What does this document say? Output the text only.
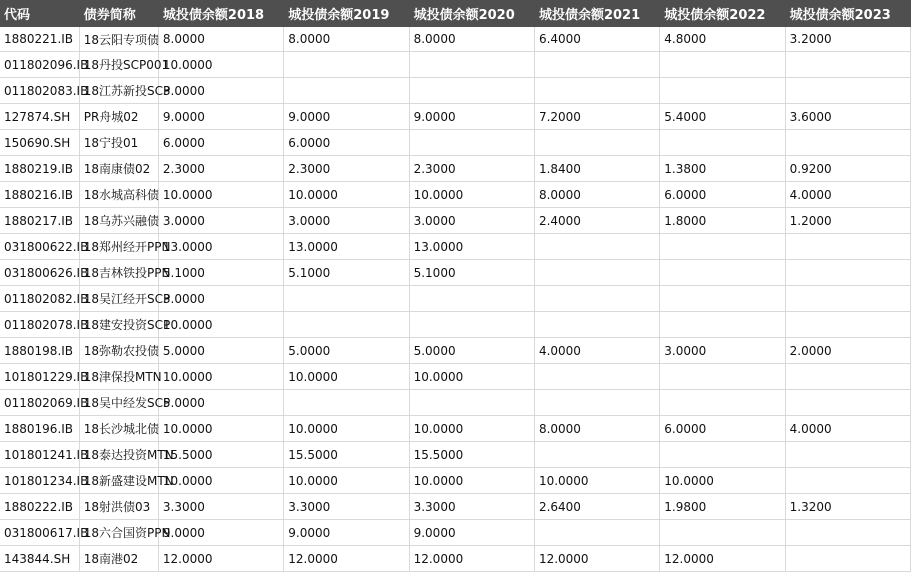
代码	债券简称	城投债余额2018	城投债余额2019	城投债余额2020	城投债余额2021	城投债余额2022	城投债余额2023
1880221.IB	18云阳专项债	8.0000	8.0000	8.0000	6.4000	4.8000	3.2000
011802096.IB	18丹投SCP001	10.0000					
011802083.IB	18江苏新投SCP	3.0000					
127874.SH	PR舟城02	9.0000	9.0000	9.0000	7.2000	5.4000	3.6000
150690.SH	18宁投01	6.0000	6.0000				
1880219.IB	18南康债02	2.3000	2.3000	2.3000	1.8400	1.3800	0.9200
1880216.IB	18水城高科债	10.0000	10.0000	10.0000	8.0000	6.0000	4.0000
1880217.IB	18乌苏兴融债	3.0000	3.0000	3.0000	2.4000	1.8000	1.2000
031800622.IB	18郑州经开PPN	13.0000	13.0000	13.0000			
031800626.IB	18吉林铁投PPN	5.1000	5.1000	5.1000			
011802082.IB	18吴江经开SCP	3.0000					
011802078.IB	18建安投资SCP	10.0000					
1880198.IB	18弥勒农投债	5.0000	5.0000	5.0000	4.0000	3.0000	2.0000
101801229.IB	18津保投MTN	10.0000	10.0000	10.0000			
011802069.IB	18吴中经发SCP	5.0000					
1880196.IB	18长沙城北债	10.0000	10.0000	10.0000	8.0000	6.0000	4.0000
101801241.IB	18泰达投资MTN	15.5000	15.5000	15.5000			
101801234.IB	18新盛建设MTN	10.0000	10.0000	10.0000	10.0000	10.0000	
1880222.IB	18射洪债03	3.3000	3.3000	3.3000	2.6400	1.9800	1.3200
031800617.IB	18六合国资PPN	9.0000	9.0000	9.0000			
143844.SH	18南港02	12.0000	12.0000	12.0000	12.0000	12.0000	
